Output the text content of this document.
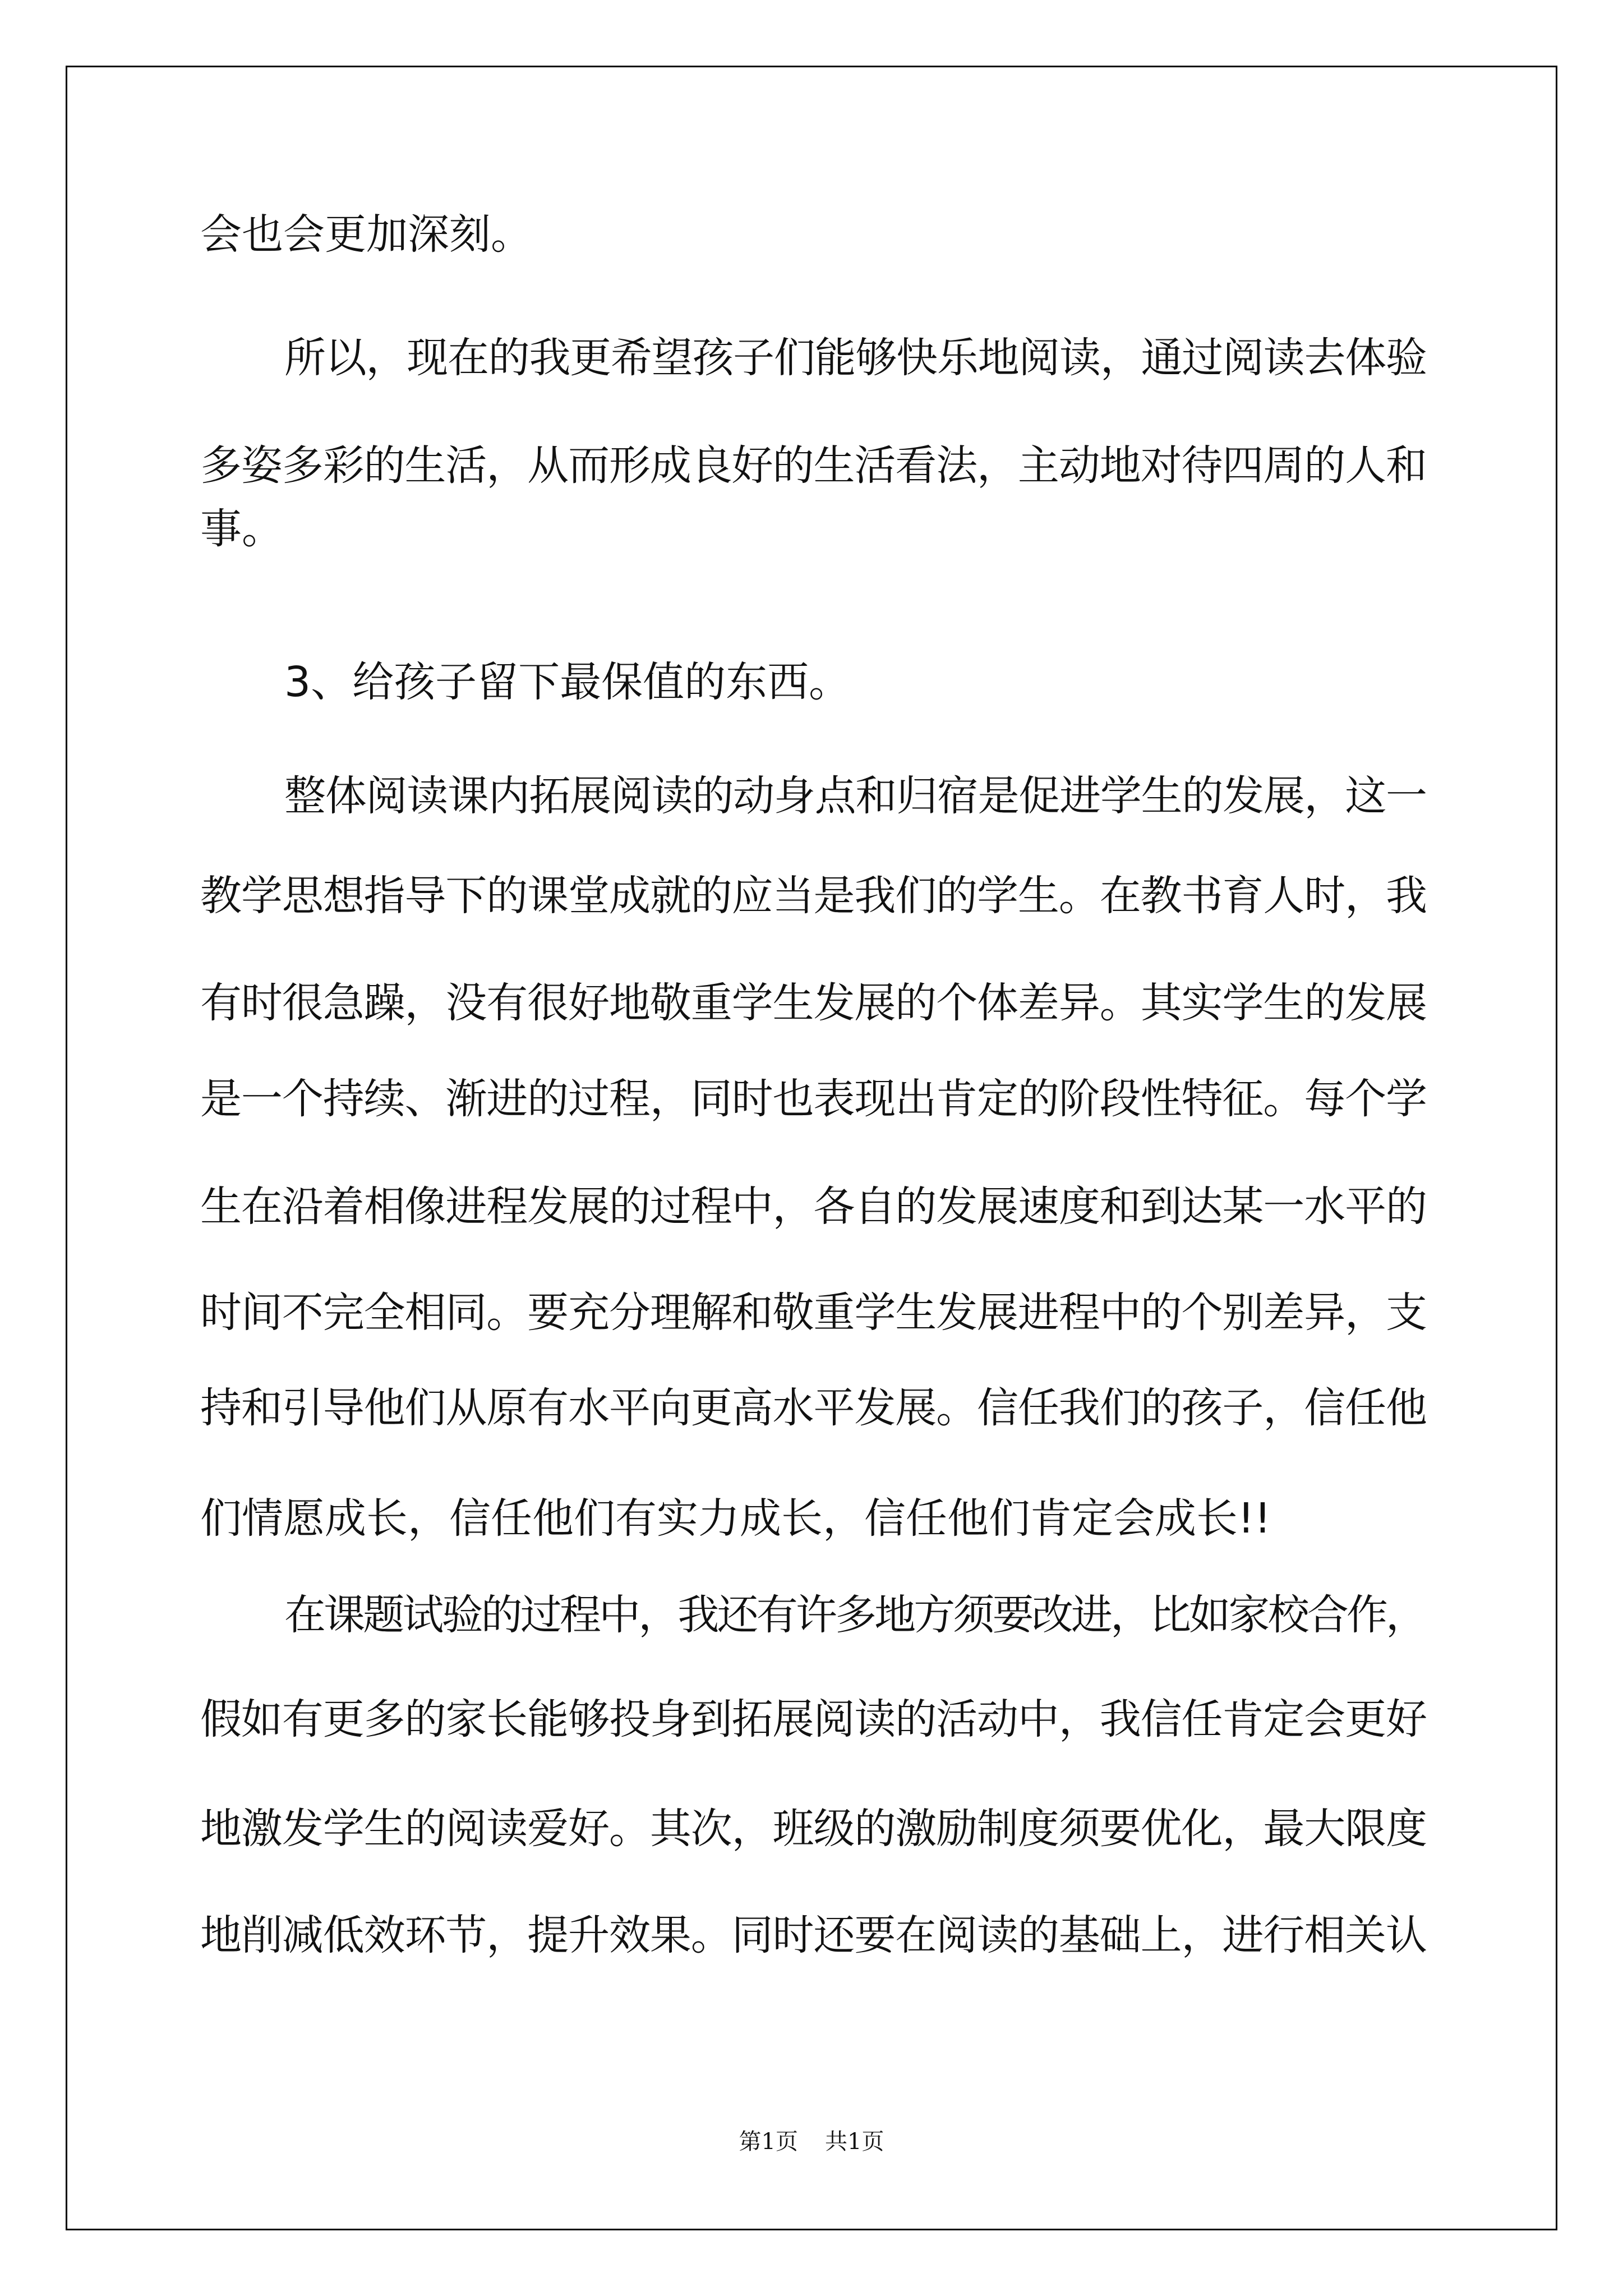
会也会更加深刻。
所以，现在的我更希望孩子们能够快乐地阅读，通过阅读去体验
多姿多彩的生活，从而形成良好的生活看法，主动地对待四周的人和
事。
3、给孩子留下最保值的东西。
整体阅读课内拓展阅读的动身点和归宿是促进学生的发展，这一
教学思想指导下的课堂成就的应当是我们的学生。在教书育人时，我
有时很急躁，没有很好地敬重学生发展的个体差异。其实学生的发展
是一个持续、渐进的过程，同时也表现出肯定的阶段性特征。每个学
生在沿着相像进程发展的过程中，各自的发展速度和到达某一水平的
时间不完全相同。要充分理解和敬重学生发展进程中的个别差异，支
持和引导他们从原有水平向更高水平发展。信任我们的孩子，信任他
们情愿成长，信任他们有实力成长，信任他们肯定会成长!!
在课题试验的过程中，我还有许多地方须要改进，比如家校合作，
假如有更多的家长能够投身到拓展阅读的活动中，我信任肯定会更好
地激发学生的阅读爱好。其次，班级的激励制度须要优化，最大限度
地削减低效环节，提升效果。同时还要在阅读的基础上，进行相关认
第1页 共1页
